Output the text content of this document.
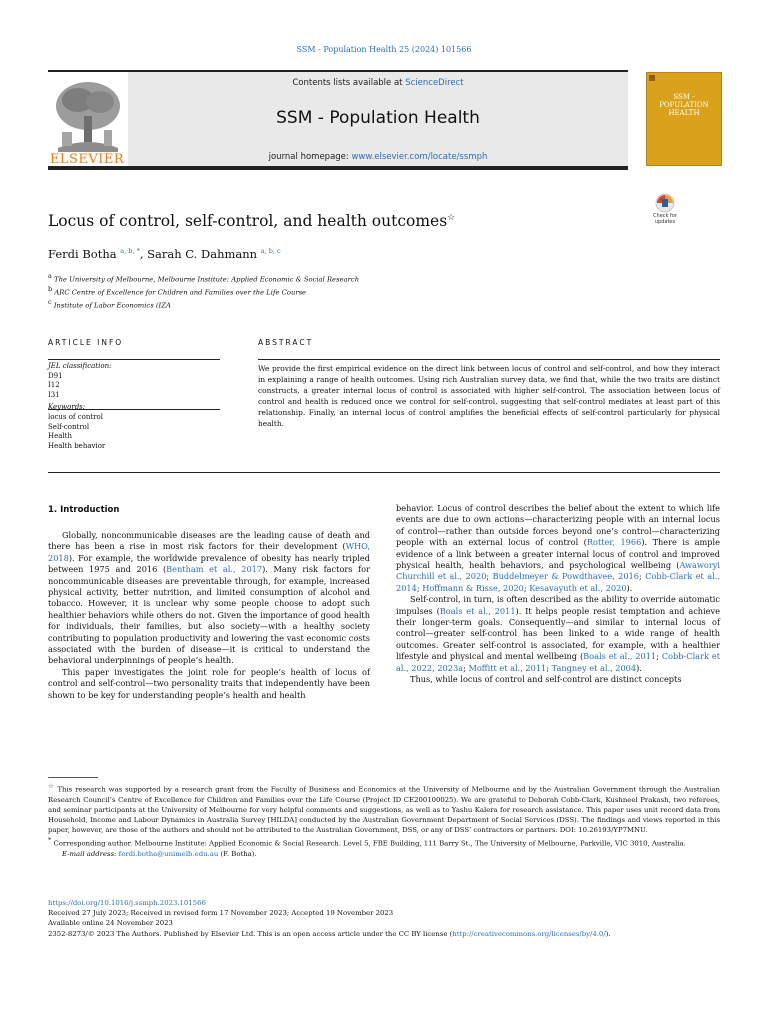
SSM - Population Health 25 (2024) 101566
ELSEVIER
Contents lists available at ScienceDirect
SSM - Population Health
journal homepage: www.elsevier.com/locate/ssmph
SSM - POPULATION HEALTH
Locus of control, self-control, and health outcomes☆	Check for updates
Ferdi Botha $^{a, b, *}$, Sarah C. Dahmann $^{a, b, c}$
$^a$ The University of Melbourne, Melbourne Institute: Applied Economic & Social Research
$^b$ ARC Centre of Excellence for Children and Families over the Life Course
$^c$ Institute of Labor Economics (IZA
ARTICLE INFO	ABSTRACT
JEL classification:
D91
I12
I31
Keywords:
locus of control
Self-control
Health
Health behavior
We provide the first empirical evidence on the direct link between locus of control and self-control, and how they interact in explaining a range of health outcomes. Using rich Australian survey data, we find that, while the two traits are distinct constructs, a greater internal locus of control is associated with higher self-control. The association between locus of control and health is reduced once we control for self-control, suggesting that self-control mediates at least part of this relationship. Finally, an internal locus of control amplifies the beneficial effects of self-control particularly for physical health.
1. Introduction

Globally, noncommunicable diseases are the leading cause of death and there has been a rise in most risk factors for their development (WHO, 2018). For example, the worldwide prevalence of obesity has nearly tripled between 1975 and 2016 (Bentham et al., 2017). Many risk factors for noncommunicable diseases are preventable through, for example, increased physical activity, better nutrition, and limited consumption of alcohol and tobacco. However, it is unclear why some people choose to adopt such healthier behaviors while others do not. Given the importance of good health for individuals, their families, but also society—with a healthy society contributing to population productivity and lowering the vast economic costs associated with the burden of disease—it is critical to understand the behavioral underpinnings of people’s health.

This paper investigates the joint role for people’s health of locus of control and self-control—two personality traits that independently have been shown to be key for understanding people’s health and health

behavior. Locus of control describes the belief about the extent to which life events are due to own actions—characterizing people with an internal locus of control—rather than outside forces beyond one’s control—characterizing people with an external locus of control (Rotter, 1966). There is ample evidence of a link between a greater internal locus of control and improved physical health, health behaviors, and psychological wellbeing (Awaworyi Churchill et al., 2020; Buddelmeyer & Powdthavee, 2016; Cobb-Clark et al., 2014; Hoffmann & Risse, 2020; Kesavayuth et al., 2020).

Self-control, in turn, is often described as the ability to override automatic impulses (Boals et al., 2011). It helps people resist temptation and achieve their longer-term goals. Consequently—and similar to internal locus of control—greater self-control has been linked to a wide range of health outcomes. Greater self-control is associated, for example, with a healthier lifestyle and physical and mental wellbeing (Boals et al., 2011; Cobb-Clark et al., 2022, 2023a; Moffitt et al., 2011; Tangney et al., 2004).

Thus, while locus of control and self-control are distinct concepts

☆ This research was supported by a research grant from the Faculty of Business and Economics at the University of Melbourne and by the Australian Government through the Australian Research Council’s Centre of Excellence for Children and Families over the Life Course (Project ID CE200100025). We are grateful to Deborah Cobb-Clark, Kushneel Prakash, two referees, and seminar participants at the University of Melbourne for very helpful comments and suggestions, as well as to Yashu Kalera for research assistance. This paper uses unit record data from Household, Income and Labour Dynamics in Australia Survey [HILDA] conducted by the Australian Government Department of Social Services (DSS). The findings and views reported in this paper, however, are those of the authors and should not be attributed to the Australian Government, DSS, or any of DSS’ contractors or partners. DOI: 10.26193/YP7MNU.
* Corresponding author. Melbourne Institute: Applied Economic & Social Research. Level 5, FBE Building, 111 Barry St., The University of Melbourne, Parkville, VIC 3010, Australia.
E-mail address: ferdi.botha@unimelb.edu.au (F. Botha).
https://doi.org/10.1016/j.ssmph.2023.101566
Received 27 July 2023; Received in revised form 17 November 2023; Accepted 19 November 2023
Available online 24 November 2023
2352-8273/© 2023 The Authors. Published by Elsevier Ltd. This is an open access article under the CC BY license (http://creativecommons.org/licenses/by/4.0/).
